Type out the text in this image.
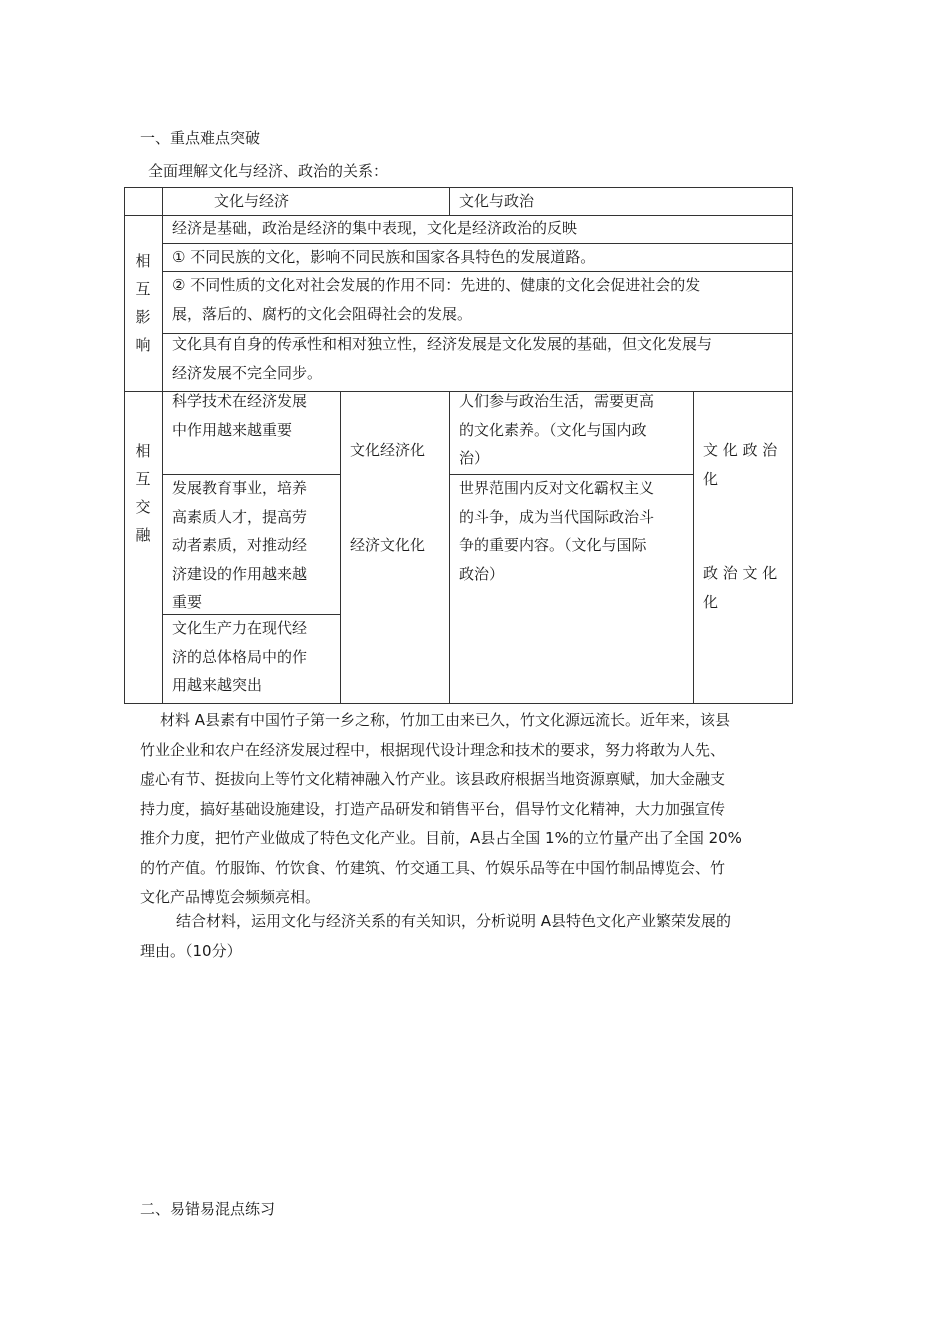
一、重点难点突破
全面理解文化与经济、政治的关系：
文化与经济	文化与政治
相
互
影
响
经济是基础，政治是经济的集中表现，文化是经济政治的反映
① 不同民族的文化，影响不同民族和国家各具特色的发展道路。
② 不同性质的文化对社会发展的作用不同：先进的、健康的文化会促进社会的发
展，落后的、腐朽的文化会阻碍社会的发展。
文化具有自身的传承性和相对独立性，经济发展是文化发展的基础，但文化发展与
经济发展不完全同步。
相
互
交
融
科学技术在经济发展
中作用越来越重要
发展教育事业，培养
高素质人才，提高劳
动者素质，对推动经
济建设的作用越来越
重要
文化生产力在现代经
济的总体格局中的作
用越来越突出
文化经济化
经济文化化
人们参与政治生活，需要更高
的文化素养。（文化与国内政
治）
世界范围内反对文化霸权主义
的斗争，成为当代国际政治斗
争的重要内容。（文化与国际
政治）
文 化 政 治
化
政 治 文 化
化
材料 A县素有中国竹子第一乡之称，竹加工由来已久，竹文化源远流长。近年来，该县
竹业企业和农户在经济发展过程中，根据现代设计理念和技术的要求，努力将敢为人先、
虚心有节、挺拔向上等竹文化精神融入竹产业。该县政府根据当地资源禀赋，加大金融支
持力度，搞好基础设施建设，打造产品研发和销售平台，倡导竹文化精神，大力加强宣传
推介力度，把竹产业做成了特色文化产业。目前，A县占全国 1%的立竹量产出了全国 20%
的竹产值。竹服饰、竹饮食、竹建筑、竹交通工具、竹娱乐品等在中国竹制品博览会、竹
文化产品博览会频频亮相。
结合材料，运用文化与经济关系的有关知识，分析说明 A县特色文化产业繁荣发展的
理由。（10分）
二、易错易混点练习
